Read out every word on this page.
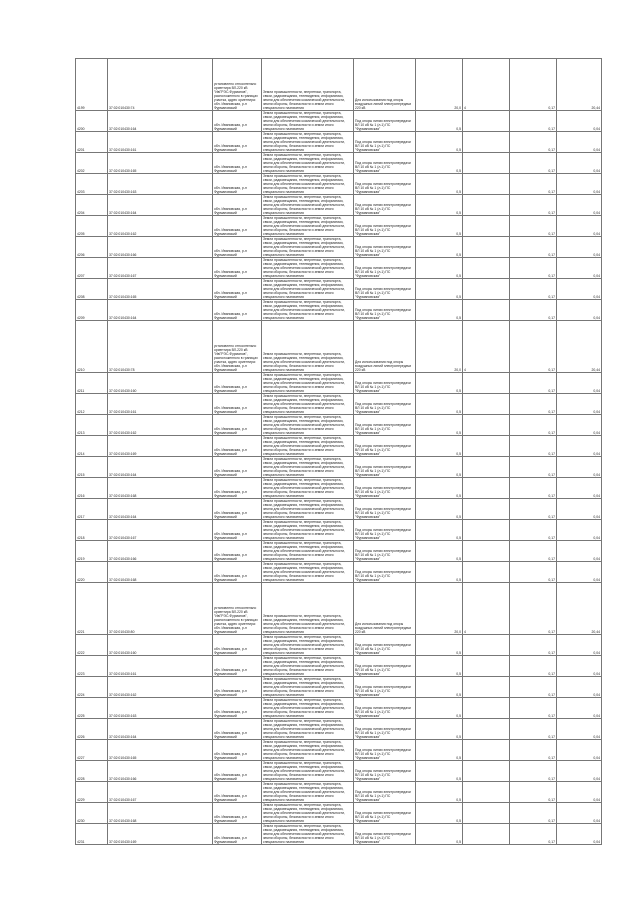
4199	37:02:010430:74	установлено относительно ориентира ВЛ-220 кВ "ИвГРЭС-Фурманов", расположенного в границах участка, адрес ориентира: обл. Ивановская, р-н Фурмановский	Земли промышленности, энергетики, транспорта, связи, радиовещания, телевидения, информатики, земли для обеспечения космической деятельности, земли обороны, безопасности и земли иного специального назначения	Для использования под опоры воздушных линий электропередачи 220 кВ	20,0	4	0,17	20,44
4200	37:02:010430:164	обл. Ивановская, р-н Фурмановский	Земли промышленности, энергетики, транспорта, связи, радиовещания, телевидения, информатики, земли для обеспечения космической деятельности, земли обороны, безопасности и земли иного специального назначения	Под опоры линии электропередачи ВЛ 10 кВ № 1 (л-1) ПС "Фурмановская"	0,5		0,17	0,04
4201	37:02:010430:161	обл. Ивановская, р-н Фурмановский	Земли промышленности, энергетики, транспорта, связи, радиовещания, телевидения, информатики, земли для обеспечения космической деятельности, земли обороны, безопасности и земли иного специального назначения	Под опоры линии электропередачи ВЛ 10 кВ № 1 (л-1) ПС "Фурмановская"	0,5		0,17	0,04
4202	37:02:010430:165	обл. Ивановская, р-н Фурмановский	Земли промышленности, энергетики, транспорта, связи, радиовещания, телевидения, информатики, земли для обеспечения космической деятельности, земли обороны, безопасности и земли иного специального назначения	Под опоры линии электропередачи ВЛ 10 кВ № 1 (л-1) ПС "Фурмановская"	0,5		0,17	0,04
4203	37:02:010430:163	обл. Ивановская, р-н Фурмановский	Земли промышленности, энергетики, транспорта, связи, радиовещания, телевидения, информатики, земли для обеспечения космической деятельности, земли обороны, безопасности и земли иного специального назначения	Под опоры линии электропередачи ВЛ 10 кВ № 1 (л-1) ПС "Фурмановская"	0,5		0,17	0,04
4204	37:02:010430:164	обл. Ивановская, р-н Фурмановский	Земли промышленности, энергетики, транспорта, связи, радиовещания, телевидения, информатики, земли для обеспечения космической деятельности, земли обороны, безопасности и земли иного специального назначения	Под опоры линии электропередачи ВЛ 10 кВ № 1 (л-1) ПС "Фурмановская"	0,5		0,17	0,04
4205	37:02:010430:162	обл. Ивановская, р-н Фурмановский	Земли промышленности, энергетики, транспорта, связи, радиовещания, телевидения, информатики, земли для обеспечения космической деятельности, земли обороны, безопасности и земли иного специального назначения	Под опоры линии электропередачи ВЛ 10 кВ № 1 (л-1) ПС "Фурмановская"	0,5		0,17	0,04
4206	37:02:010430:166	обл. Ивановская, р-н Фурмановский	Земли промышленности, энергетики, транспорта, связи, радиовещания, телевидения, информатики, земли для обеспечения космической деятельности, земли обороны, безопасности и земли иного специального назначения	Под опоры линии электропередачи ВЛ 10 кВ № 1 (л-1) ПС "Фурмановская"	0,5		0,17	0,04
4207	37:02:010430:167	обл. Ивановская, р-н Фурмановский	Земли промышленности, энергетики, транспорта, связи, радиовещания, телевидения, информатики, земли для обеспечения космической деятельности, земли обороны, безопасности и земли иного специального назначения	Под опоры линии электропередачи ВЛ 10 кВ № 1 (л-1) ПС "Фурмановская"	0,5		0,17	0,04
4208	37:02:010430:165	обл. Ивановская, р-н Фурмановский	Земли промышленности, энергетики, транспорта, связи, радиовещания, телевидения, информатики, земли для обеспечения космической деятельности, земли обороны, безопасности и земли иного специального назначения	Под опоры линии электропередачи ВЛ 10 кВ № 1 (л-1) ПС "Фурмановская"	0,5		0,17	0,04
4209	37:02:010430:164	обл. Ивановская, р-н Фурмановский	Земли промышленности, энергетики, транспорта, связи, радиовещания, телевидения, информатики, земли для обеспечения космической деятельности, земли обороны, безопасности и земли иного специального назначения	Под опоры линии электропередачи ВЛ 10 кВ № 1 (л-1) ПС "Фурмановская"	0,5		0,17	0,04
4210	37:02:010430:78	установлено относительно ориентира ВЛ-220 кВ "ИвГРЭС-Фурманов", расположенного в границах участка, адрес ориентира: обл. Ивановская, р-н Фурмановский	Земли промышленности, энергетики, транспорта, связи, радиовещания, телевидения, информатики, земли для обеспечения космической деятельности, земли обороны, безопасности и земли иного специального назначения	Для использования под опоры воздушных линий электропередачи 220 кВ	20,0	4	0,17	20,44
4211	37:02:010430:160	обл. Ивановская, р-н Фурмановский	Земли промышленности, энергетики, транспорта, связи, радиовещания, телевидения, информатики, земли для обеспечения космической деятельности, земли обороны, безопасности и земли иного специального назначения	Под опоры линии электропередачи ВЛ 10 кВ № 1 (л-1) ПС "Фурмановская"	0,5		0,17	0,04
4212	37:02:010430:161	обл. Ивановская, р-н Фурмановский	Земли промышленности, энергетики, транспорта, связи, радиовещания, телевидения, информатики, земли для обеспечения космической деятельности, земли обороны, безопасности и земли иного специального назначения	Под опоры линии электропередачи ВЛ 10 кВ № 1 (л-1) ПС "Фурмановская"	0,5		0,17	0,04
4213	37:02:010430:162	обл. Ивановская, р-н Фурмановский	Земли промышленности, энергетики, транспорта, связи, радиовещания, телевидения, информатики, земли для обеспечения космической деятельности, земли обороны, безопасности и земли иного специального назначения	Под опоры линии электропередачи ВЛ 10 кВ № 1 (л-1) ПС "Фурмановская"	0,5		0,17	0,04
4214	37:02:010430:169	обл. Ивановская, р-н Фурмановский	Земли промышленности, энергетики, транспорта, связи, радиовещания, телевидения, информатики, земли для обеспечения космической деятельности, земли обороны, безопасности и земли иного специального назначения	Под опоры линии электропередачи ВЛ 10 кВ № 1 (л-1) ПС "Фурмановская"	0,5		0,17	0,04
4215	37:02:010430:164	обл. Ивановская, р-н Фурмановский	Земли промышленности, энергетики, транспорта, связи, радиовещания, телевидения, информатики, земли для обеспечения космической деятельности, земли обороны, безопасности и земли иного специального назначения	Под опоры линии электропередачи ВЛ 10 кВ № 1 (л-1) ПС "Фурмановская"	0,5		0,17	0,04
4216	37:02:010430:168	обл. Ивановская, р-н Фурмановский	Земли промышленности, энергетики, транспорта, связи, радиовещания, телевидения, информатики, земли для обеспечения космической деятельности, земли обороны, безопасности и земли иного специального назначения	Под опоры линии электропередачи ВЛ 10 кВ № 1 (л-1) ПС "Фурмановская"	0,5		0,17	0,04
4217	37:02:010430:164	обл. Ивановская, р-н Фурмановский	Земли промышленности, энергетики, транспорта, связи, радиовещания, телевидения, информатики, земли для обеспечения космической деятельности, земли обороны, безопасности и земли иного специального назначения	Под опоры линии электропередачи ВЛ 10 кВ № 1 (л-1) ПС "Фурмановская"	0,5		0,17	0,04
4218	37:02:010430:167	обл. Ивановская, р-н Фурмановский	Земли промышленности, энергетики, транспорта, связи, радиовещания, телевидения, информатики, земли для обеспечения космической деятельности, земли обороны, безопасности и земли иного специального назначения	Под опоры линии электропередачи ВЛ 10 кВ № 1 (л-1) ПС "Фурмановская"	0,5		0,17	0,04
4219	37:02:010430:166	обл. Ивановская, р-н Фурмановский	Земли промышленности, энергетики, транспорта, связи, радиовещания, телевидения, информатики, земли для обеспечения космической деятельности, земли обороны, безопасности и земли иного специального назначения	Под опоры линии электропередачи ВЛ 10 кВ № 1 (л-1) ПС "Фурмановская"	0,5		0,17	0,04
4220	37:02:010430:168	обл. Ивановская, р-н Фурмановский	Земли промышленности, энергетики, транспорта, связи, радиовещания, телевидения, информатики, земли для обеспечения космической деятельности, земли обороны, безопасности и земли иного специального назначения	Под опоры линии электропередачи ВЛ 10 кВ № 1 (л-1) ПС "Фурмановская"	0,5		0,17	0,04
4221	37:02:010430:80	установлено относительно ориентира ВЛ-220 кВ "ИвГРЭС-Фурманов", расположенного в границах участка, адрес ориентира: обл. Ивановская, р-н Фурмановский	Земли промышленности, энергетики, транспорта, связи, радиовещания, телевидения, информатики, земли для обеспечения космической деятельности, земли обороны, безопасности и земли иного специального назначения	Для использования под опоры воздушных линий электропередачи 220 кВ	20,0	4	0,17	20,44
4222	37:02:010430:160	обл. Ивановская, р-н Фурмановский	Земли промышленности, энергетики, транспорта, связи, радиовещания, телевидения, информатики, земли для обеспечения космической деятельности, земли обороны, безопасности и земли иного специального назначения	Под опоры линии электропередачи ВЛ 10 кВ № 1 (л-1) ПС "Фурмановская"	0,5		0,17	0,04
4223	37:02:010430:161	обл. Ивановская, р-н Фурмановский	Земли промышленности, энергетики, транспорта, связи, радиовещания, телевидения, информатики, земли для обеспечения космической деятельности, земли обороны, безопасности и земли иного специального назначения	Под опоры линии электропередачи ВЛ 10 кВ № 1 (л-1) ПС "Фурмановская"	0,5		0,17	0,04
4224	37:02:010430:162	обл. Ивановская, р-н Фурмановский	Земли промышленности, энергетики, транспорта, связи, радиовещания, телевидения, информатики, земли для обеспечения космической деятельности, земли обороны, безопасности и земли иного специального назначения	Под опоры линии электропередачи ВЛ 10 кВ № 1 (л-1) ПС "Фурмановская"	0,5		0,17	0,04
4225	37:02:010430:163	обл. Ивановская, р-н Фурмановский	Земли промышленности, энергетики, транспорта, связи, радиовещания, телевидения, информатики, земли для обеспечения космической деятельности, земли обороны, безопасности и земли иного специального назначения	Под опоры линии электропередачи ВЛ 10 кВ № 1 (л-1) ПС "Фурмановская"	0,5		0,17	0,04
4226	37:02:010430:164	обл. Ивановская, р-н Фурмановский	Земли промышленности, энергетики, транспорта, связи, радиовещания, телевидения, информатики, земли для обеспечения космической деятельности, земли обороны, безопасности и земли иного специального назначения	Под опоры линии электропередачи ВЛ 10 кВ № 1 (л-1) ПС "Фурмановская"	0,5		0,17	0,04
4227	37:02:010430:165	обл. Ивановская, р-н Фурмановский	Земли промышленности, энергетики, транспорта, связи, радиовещания, телевидения, информатики, земли для обеспечения космической деятельности, земли обороны, безопасности и земли иного специального назначения	Под опоры линии электропередачи ВЛ 10 кВ № 1 (л-1) ПС "Фурмановская"	0,5		0,17	0,04
4228	37:02:010430:166	обл. Ивановская, р-н Фурмановский	Земли промышленности, энергетики, транспорта, связи, радиовещания, телевидения, информатики, земли для обеспечения космической деятельности, земли обороны, безопасности и земли иного специального назначения	Под опоры линии электропередачи ВЛ 10 кВ № 1 (л-1) ПС "Фурмановская"	0,5		0,17	0,04
4229	37:02:010430:167	обл. Ивановская, р-н Фурмановский	Земли промышленности, энергетики, транспорта, связи, радиовещания, телевидения, информатики, земли для обеспечения космической деятельности, земли обороны, безопасности и земли иного специального назначения	Под опоры линии электропередачи ВЛ 10 кВ № 1 (л-1) ПС "Фурмановская"	0,5		0,17	0,04
4230	37:02:010430:168	обл. Ивановская, р-н Фурмановский	Земли промышленности, энергетики, транспорта, связи, радиовещания, телевидения, информатики, земли для обеспечения космической деятельности, земли обороны, безопасности и земли иного специального назначения	Под опоры линии электропередачи ВЛ 10 кВ № 1 (л-1) ПС "Фурмановская"	0,5		0,17	0,04
4231	37:02:010430:169	обл. Ивановская, р-н Фурмановский	Земли промышленности, энергетики, транспорта, связи, радиовещания, телевидения, информатики, земли для обеспечения космической деятельности, земли обороны, безопасности и земли иного специального назначения	Под опоры линии электропередачи ВЛ 10 кВ № 1 (л-1) ПС "Фурмановская"	0,5		0,17	0,04
